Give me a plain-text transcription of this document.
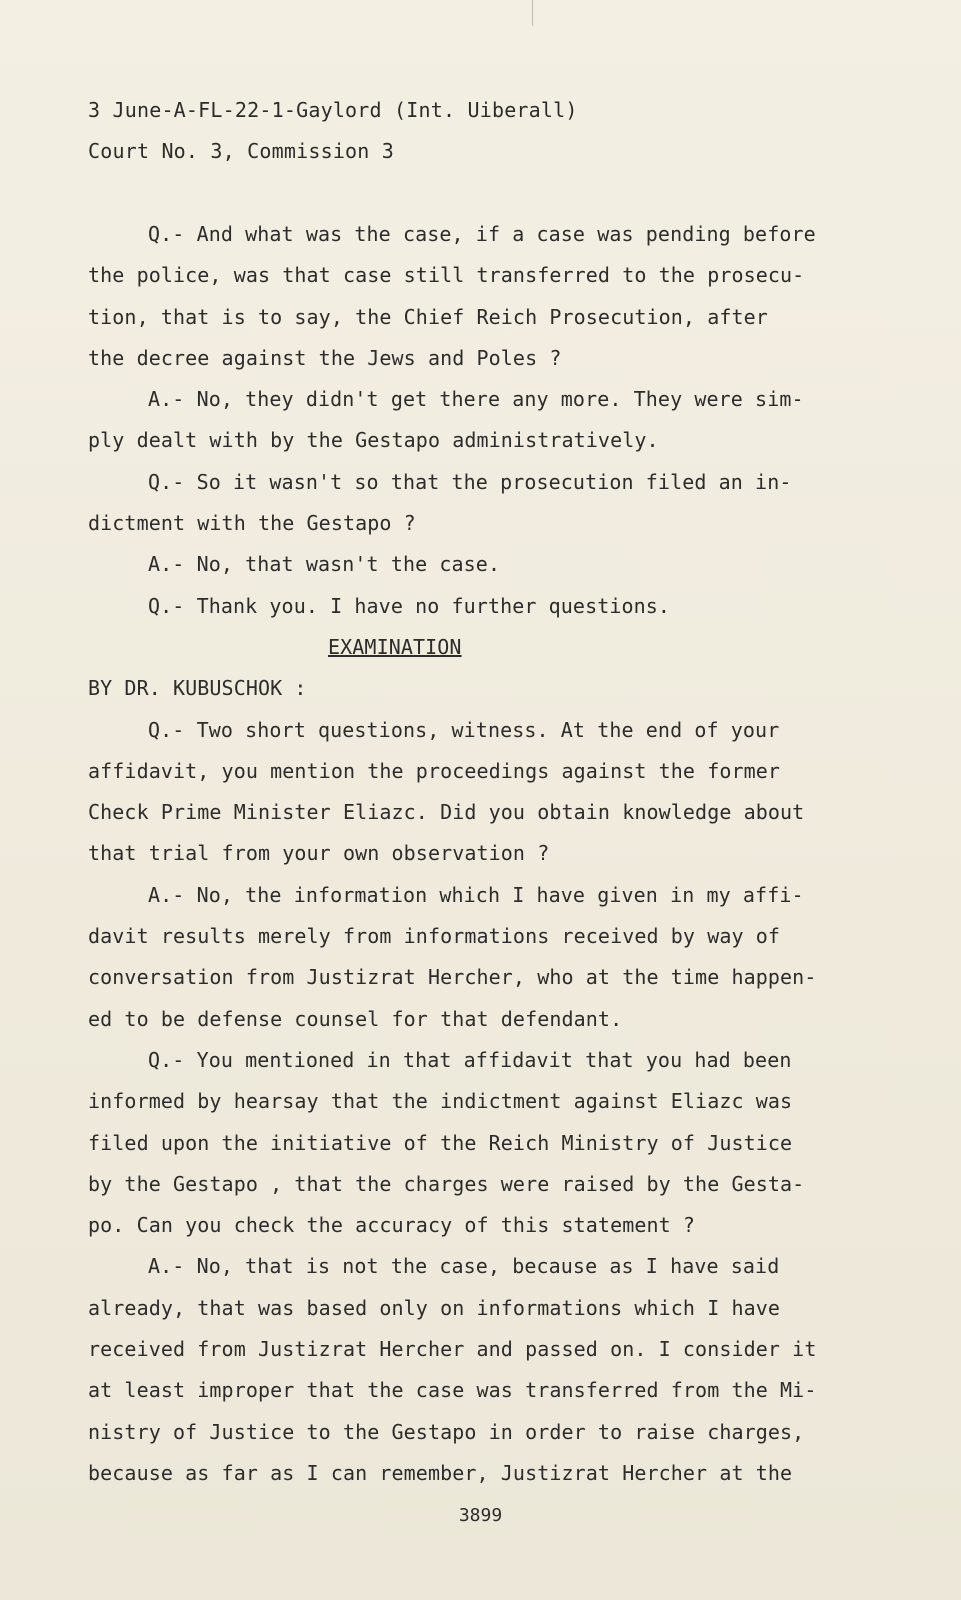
3 June-A-FL-22-1-Gaylord (Int. Uiberall)
Court No. 3, Commission 3
Q.- And what was the case, if a case was pending before
the police, was that case still transferred to the prosecu-
tion, that is to say, the Chief Reich Prosecution, after
the decree against the Jews and Poles ?
A.- No, they didn't get there any more. They were sim-
ply dealt with by the Gestapo administratively.
Q.- So it wasn't so that the prosecution filed an in-
dictment with the Gestapo ?
A.- No, that wasn't the case.
Q.- Thank you. I have no further questions.
EXAMINATION
BY DR. KUBUSCHOK :
Q.- Two short questions, witness. At the end of your
affidavit, you mention the proceedings against the former
Check Prime Minister Eliazc. Did you obtain knowledge about
that trial from your own observation ?
A.- No, the information which I have given in my affi-
davit results merely from informations received by way of
conversation from Justizrat Hercher, who at the time happen-
ed to be defense counsel for that defendant.
Q.- You mentioned in that affidavit that you had been
informed by hearsay that the indictment against Eliazc was
filed upon the initiative of the Reich Ministry of Justice
by the Gestapo , that the charges were raised by the Gesta-
po. Can you check the accuracy of this statement ?
A.- No, that is not the case, because as I have said
already, that was based only on informations which I have
received from Justizrat Hercher and passed on. I consider it
at least improper that the case was transferred from the Mi-
nistry of Justice to the Gestapo in order to raise charges,
because as far as I can remember, Justizrat Hercher at the
3899
